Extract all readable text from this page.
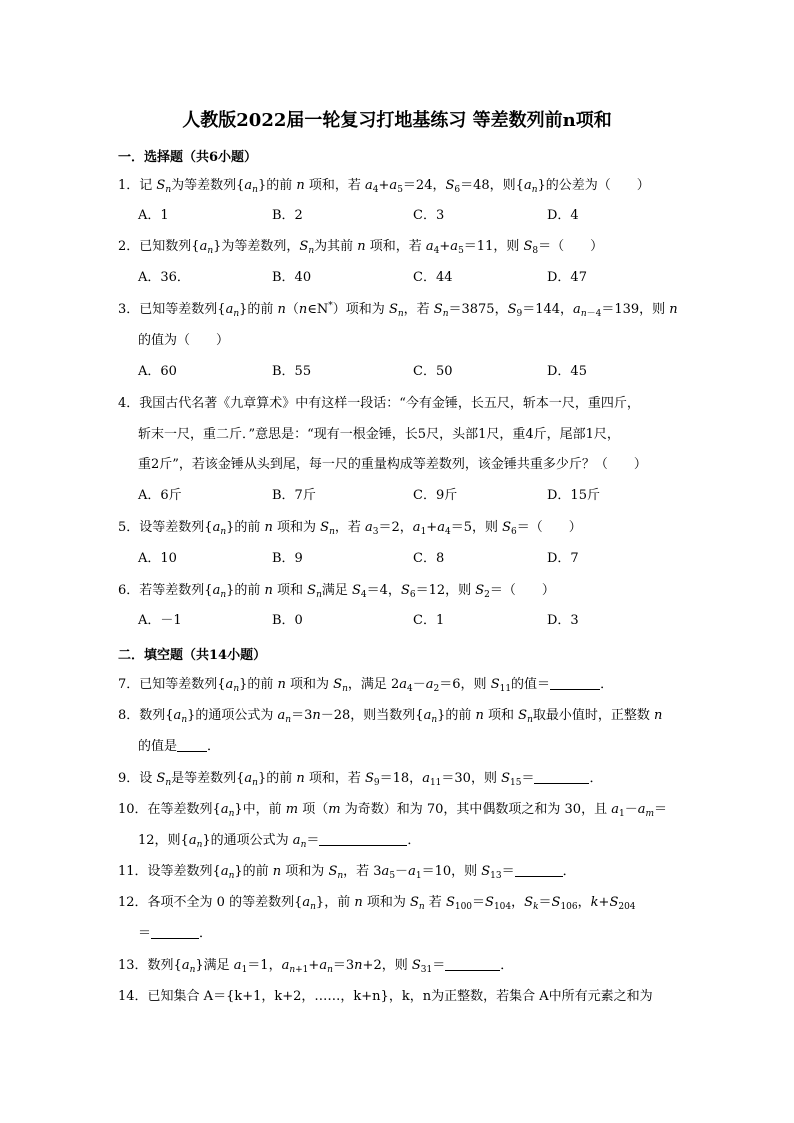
人教版2022届一轮复习打地基练习 等差数列前n项和
一．选择题（共6小题）
1．记 $S_n$为等差数列$\{a_n\}$的前 n 项和，若 $a_4+a_5=24$，$S_6=48$，则$\{a_n\}$的公差为（　　）
A．1	B．2	C．3	D．4
2．已知数列$\{a_n\}$为等差数列，$S_n$为其前 n 项和，若 $a_4+a_5=11$，则 $S_8=$（　　）
A．36．	B．40	C．44	D．47
3．已知等差数列$\{a_n\}$的前 n（n∈N*）项和为 $S_n$，若 $S_n=3875$，$S_9=144$，$a_{n-4}=139$，则 n
的值为（　　）
A．60	B．55	C．50	D．45
4．我国古代名著《九章算术》中有这样一段话：“今有金锤，长五尺，斩本一尺，重四斤，
斩末一尺，重二斤．”意思是：“现有一根金锤，长5尺，头部1尺，重4斤，尾部1尺，
重2斤”，若该金锤从头到尾，每一尺的重量构成等差数列，该金锤共重多少斤？（　　）
A．6斤	B．7斤	C．9斤	D．15斤
5．设等差数列$\{a_n\}$的前 n 项和为 $S_n$，若 $a_3=2$，$a_1+a_4=5$，则 $S_6=$（　　）
A．10	B．9	C．8	D．7
6．若等差数列$\{a_n\}$的前 n 项和 $S_n$满足 $S_4=4$，$S_6=12$，则 $S_2=$（　　）
A．－1	B．0	C．1	D．3
二．填空题（共14小题）
7．已知等差数列$\{a_n\}$的前 n 项和为 $S_n$，满足 $2a_4-a_2=6$，则 $S_{11}$的值＝	．
8．数列$\{a_n\}$的通项公式为 $a_n=3n-28$，则当数列$\{a_n\}$的前 n 项和 $S_n$取最小值时，正整数 n
的值是 ．
9．设 $S_n$是等差数列$\{a_n\}$的前 n 项和，若 $S_9=18$，$a_{11}=30$，则 $S_{15}=$	．
10．在等差数列$\{a_n\}$中，前 m 项（m 为奇数）和为 70，其中偶数项之和为 30，且 $a_1-a_m=$
12，则$\{a_n\}$的通项公式为 $a_n=$	．
11．设等差数列$\{a_n\}$的前 n 项和为 $S_n$，若 $3a_5-a_1=10$，则 $S_{13}=$	．
12．各项不全为 0 的等差数列$\{a_n\}$，前 n 项和为 $S_n$ 若 $S_{100}=S_{104}$，$S_k=S_{106}$，$k+S_{204}$
＝	．
13．数列$\{a_n\}$满足 $a_1=1$，$a_{n+1}+a_n=3n+2$，则 $S_{31}=$	．
14．已知集合 A＝{k+1，k+2，……，k+n}，k，n为正整数，若集合 A中所有元素之和为
